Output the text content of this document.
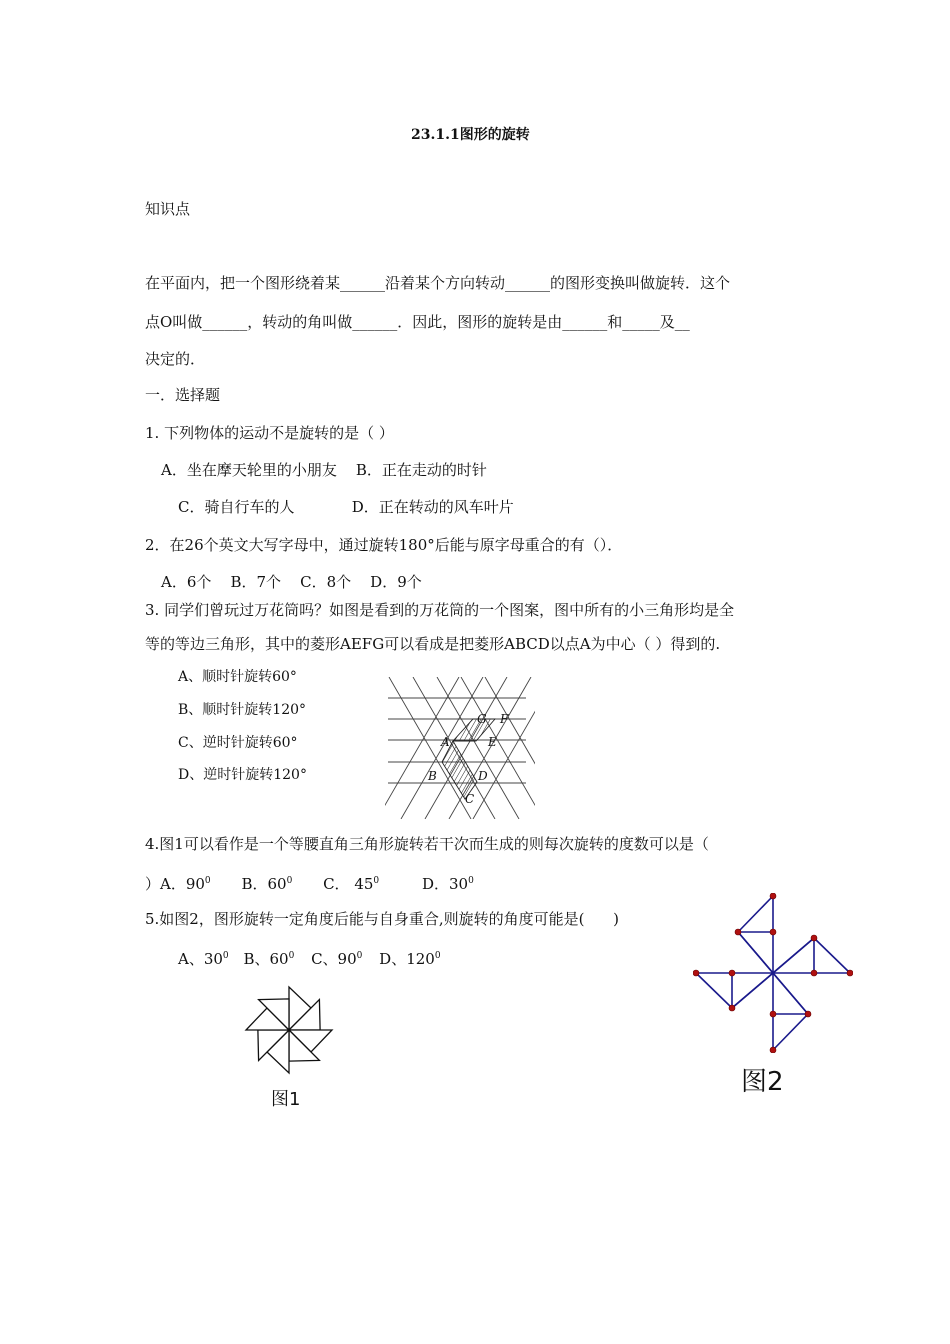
23.1.1图形的旋转
知识点
在平面内，把一个图形绕着某______沿着某个方向转动______的图形变换叫做旋转．这个
点O叫做______，转动的角叫做______．因此，图形的旋转是由______和_____及__
决定的．
一．选择题
1. 下列物体的运动不是旋转的是（ ）
A．坐在摩天轮里的小朋友    B．正在走动的时针
C．骑自行车的人            D．正在转动的风车叶片
2．在26个英文大写字母中，通过旋转180°后能与原字母重合的有（）．
A．6个    B．7个    C．8个    D．9个
3. 同学们曾玩过万花筒吗？如图是看到的万花筒的一个图案，图中所有的小三角形均是全
等的等边三角形，其中的菱形AEFG可以看成是把菱形ABCD以点A为中心（ ）得到的.
A、顺时针旋转60°
B、顺时针旋转120°
C、逆时针旋转60°
D、逆时针旋转120°
G F
A	E
B	D
C
4.图1可以看作是一个等腰直角三角形旋转若干次而生成的则每次旋转的度数可以是（
）A．$90^0$ B．$60^0$ C． $45^0$	D．$30^0$
5.如图2，图形旋转一定角度后能与自身重合,则旋转的角度可能是(      )
A、$30^0$ B、$60^0$ C、$90^0$ D、$120^0$
图1
图2
